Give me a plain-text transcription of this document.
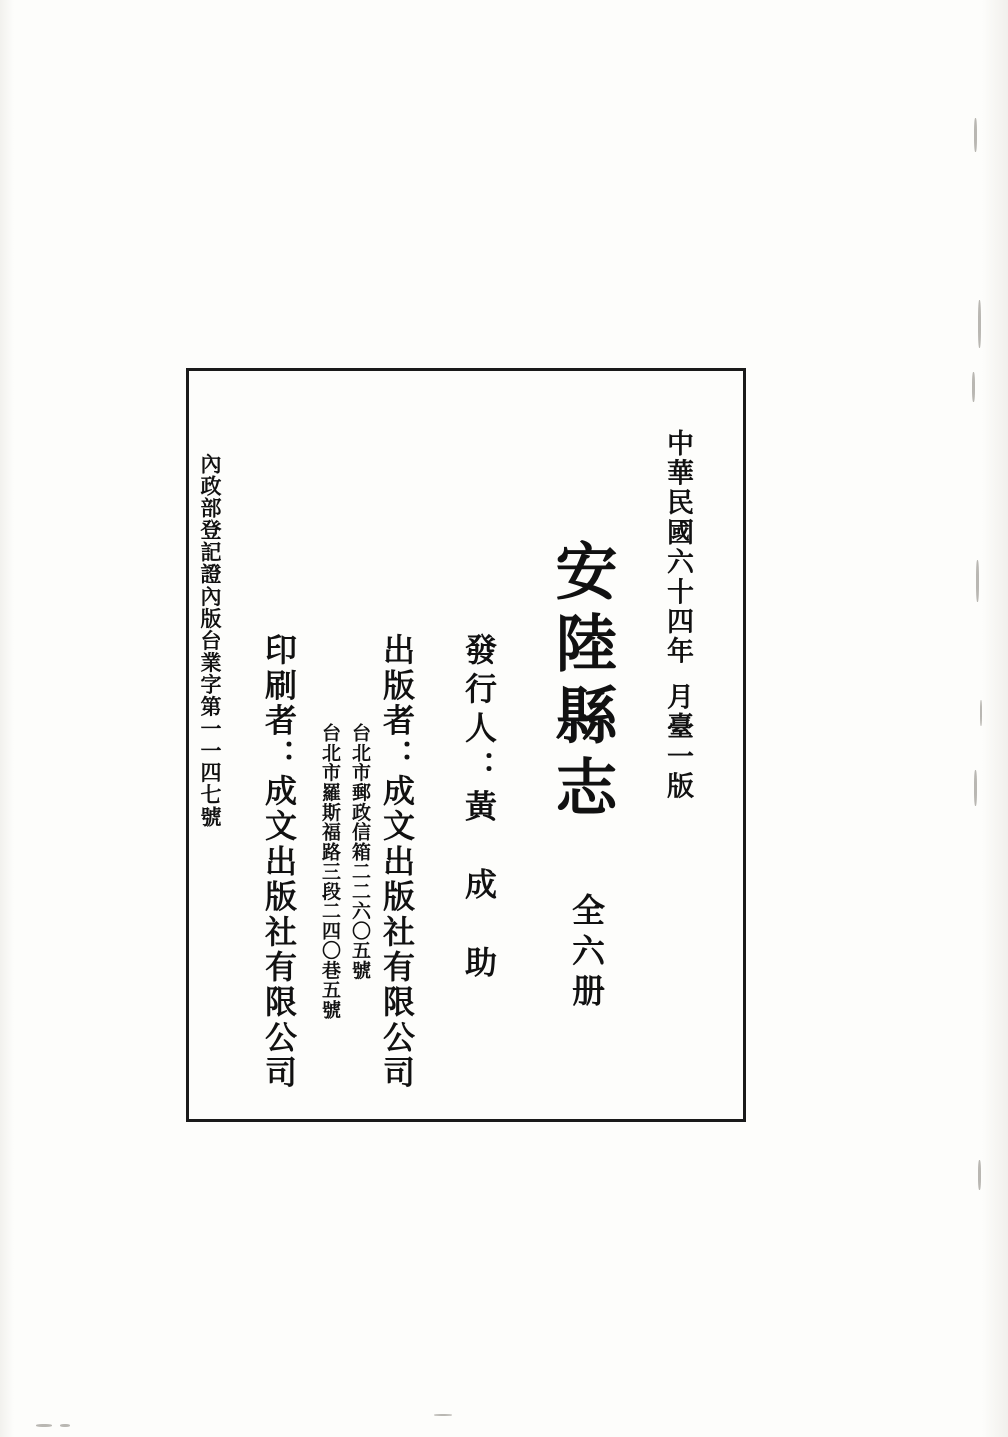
中華民國六十四年月臺一版
安陸縣志
全六册
發行人：黃　成　助
出版者：成文出版社有限公司
台北市郵政信箱二二六〇五號
台北市羅斯福路三段二四〇巷五號
印刷者：成文出版社有限公司
內政部登記證內版台業字第一一四七號
